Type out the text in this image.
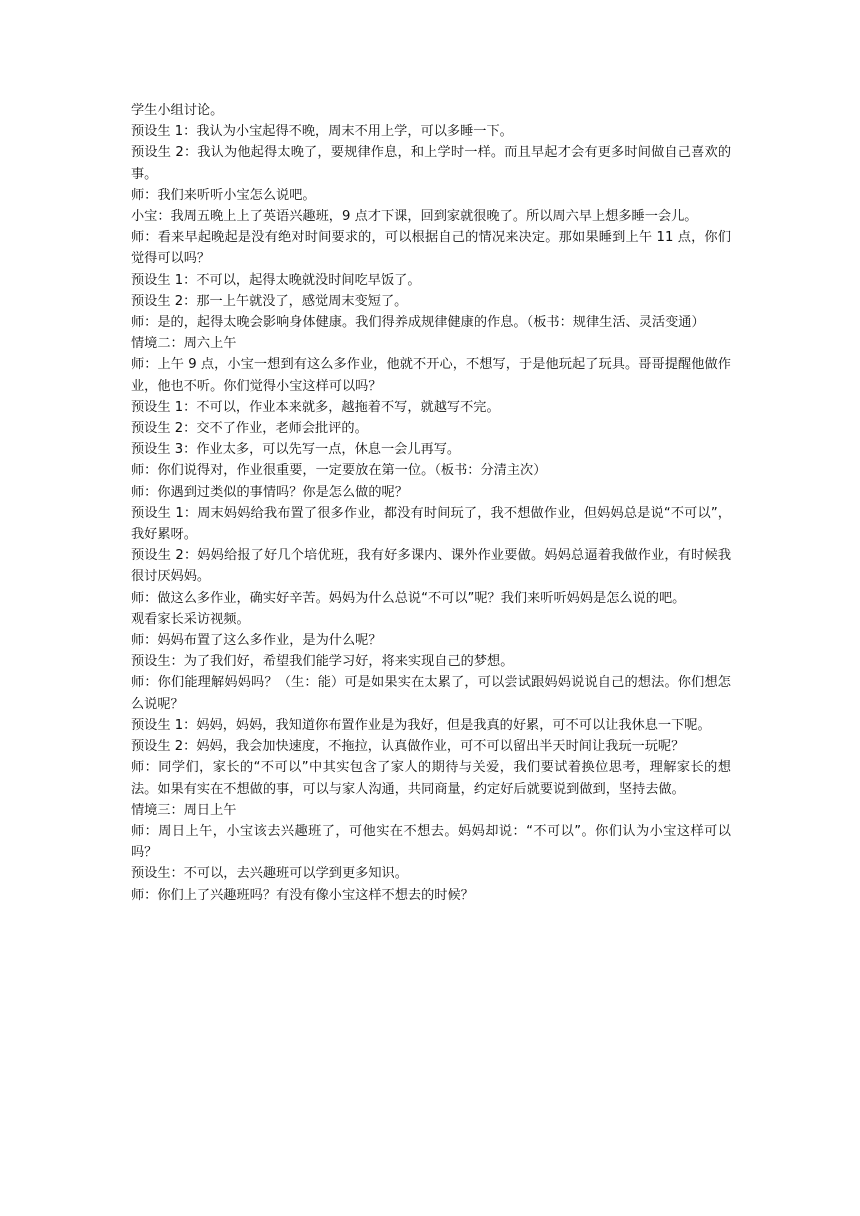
学生小组讨论。

预设生 1：我认为小宝起得不晚，周末不用上学，可以多睡一下。

预设生 2：我认为他起得太晚了，要规律作息，和上学时一样。而且早起才会有更多时间做自己喜欢的事。

师：我们来听听小宝怎么说吧。

小宝：我周五晚上上了英语兴趣班，9 点才下课，回到家就很晚了。所以周六早上想多睡一会儿。

师：看来早起晚起是没有绝对时间要求的，可以根据自己的情况来决定。那如果睡到上午 11 点，你们觉得可以吗？

预设生 1：不可以，起得太晚就没时间吃早饭了。

预设生 2：那一上午就没了，感觉周末变短了。

师：是的，起得太晚会影响身体健康。我们得养成规律健康的作息。（板书：规律生活、灵活变通）

情境二：周六上午

师：上午 9 点，小宝一想到有这么多作业，他就不开心，不想写，于是他玩起了玩具。哥哥提醒他做作业，他也不听。你们觉得小宝这样可以吗？

预设生 1：不可以，作业本来就多，越拖着不写，就越写不完。

预设生 2：交不了作业，老师会批评的。

预设生 3：作业太多，可以先写一点，休息一会儿再写。

师：你们说得对，作业很重要，一定要放在第一位。（板书：分清主次）

师：你遇到过类似的事情吗？你是怎么做的呢？

预设生 1：周末妈妈给我布置了很多作业，都没有时间玩了，我不想做作业，但妈妈总是说“不可以”，我好累呀。

预设生 2：妈妈给报了好几个培优班，我有好多课内、课外作业要做。妈妈总逼着我做作业，有时候我很讨厌妈妈。

师：做这么多作业，确实好辛苦。妈妈为什么总说“不可以”呢？我们来听听妈妈是怎么说的吧。

观看家长采访视频。

师：妈妈布置了这么多作业，是为什么呢？

预设生：为了我们好，希望我们能学习好，将来实现自己的梦想。

师：你们能理解妈妈吗？（生：能）可是如果实在太累了，可以尝试跟妈妈说说自己的想法。你们想怎么说呢？

预设生 1：妈妈，妈妈，我知道你布置作业是为我好，但是我真的好累，可不可以让我休息一下呢。

预设生 2：妈妈，我会加快速度，不拖拉，认真做作业，可不可以留出半天时间让我玩一玩呢？

师：同学们，家长的“不可以”中其实包含了家人的期待与关爱，我们要试着换位思考，理解家长的想法。如果有实在不想做的事，可以与家人沟通，共同商量，约定好后就要说到做到，坚持去做。

情境三：周日上午

师：周日上午，小宝该去兴趣班了，可他实在不想去。妈妈却说：“不可以”。你们认为小宝这样可以吗？

预设生：不可以，去兴趣班可以学到更多知识。

师：你们上了兴趣班吗？有没有像小宝这样不想去的时候？
